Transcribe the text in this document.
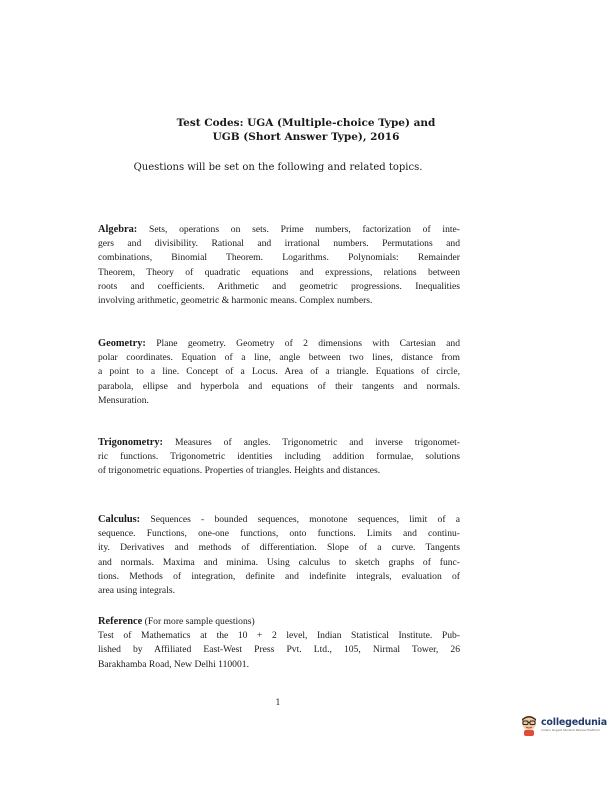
Test Codes: UGA (Multiple-choice Type) and
UGB (Short Answer Type), 2016
Questions will be set on the following and related topics.
Algebra: Sets, operations on sets. Prime numbers, factorization of inte-
gers and divisibility. Rational and irrational numbers. Permutations and
combinations, Binomial Theorem. Logarithms. Polynomials: Remainder
Theorem, Theory of quadratic equations and expressions, relations between
roots and coefficients. Arithmetic and geometric progressions. Inequalities
involving arithmetic, geometric & harmonic means. Complex numbers.
Geometry: Plane geometry. Geometry of 2 dimensions with Cartesian and
polar coordinates. Equation of a line, angle between two lines, distance from
a point to a line. Concept of a Locus. Area of a triangle. Equations of circle,
parabola, ellipse and hyperbola and equations of their tangents and normals.
Mensuration.
Trigonometry: Measures of angles. Trigonometric and inverse trigonomet-
ric functions. Trigonometric identities including addition formulae, solutions
of trigonometric equations. Properties of triangles. Heights and distances.
Calculus: Sequences - bounded sequences, monotone sequences, limit of a
sequence. Functions, one-one functions, onto functions. Limits and continu-
ity. Derivatives and methods of differentiation. Slope of a curve. Tangents
and normals. Maxima and minima. Using calculus to sketch graphs of func-
tions. Methods of integration, definite and indefinite integrals, evaluation of
area using integrals.
Reference (For more sample questions)
Test of Mathematics at the 10 + 2 level, Indian Statistical Institute. Pub-
lished by Affiliated East-West Press Pvt. Ltd., 105, Nirmal Tower, 26
Barakhamba Road, New Delhi 110001.
1
collegedunia
India's largest Student Review Platform
